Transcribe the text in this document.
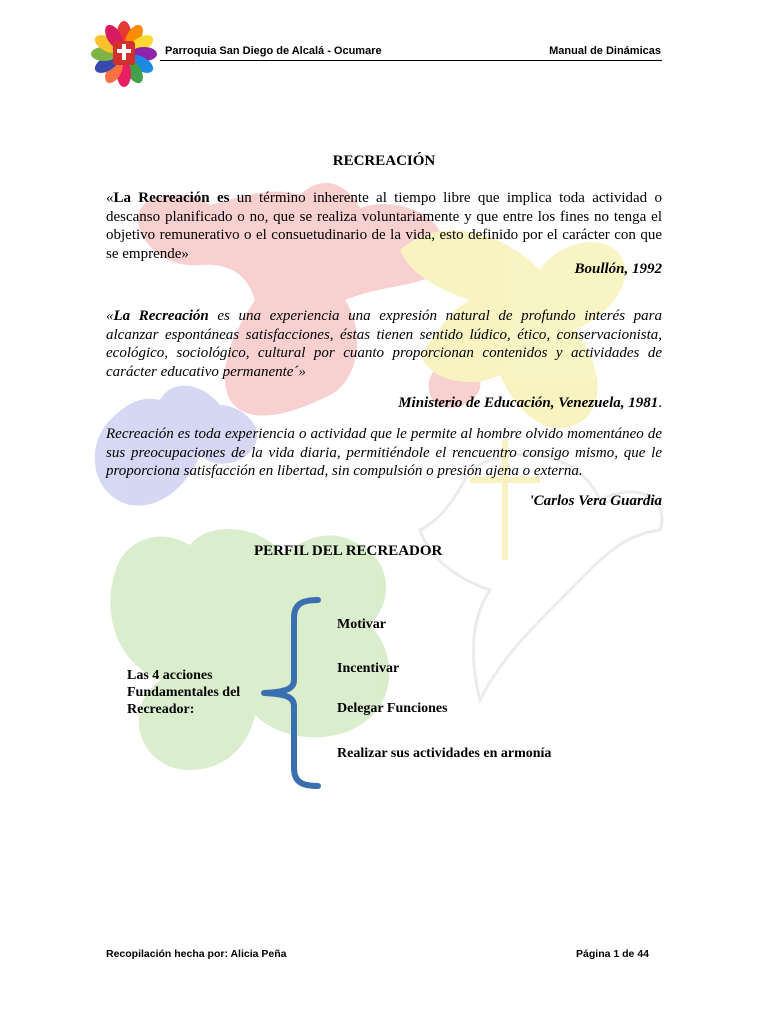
Parroquia San Diego de Alcalá - Ocumare	Manual de Dinámicas
RECREACIÓN
«La Recreación es un término inherente al tiempo libre que implica toda actividad o descanso planificado o no, que se realiza voluntariamente y que entre los fines no tenga el objetivo remunerativo o el consuetudinario de la vida, esto definido por el carácter con que se emprende»
Boullón, 1992
«La Recreación es una experiencia una expresión natural de profundo interés para alcanzar espontáneas satisfacciones, éstas tienen sentido lúdico, ético, conservacionista, ecológico, sociológico, cultural por cuanto proporcionan contenidos y actividades de carácter educativo permanente´»
Ministerio de Educación, Venezuela, 1981.
Recreación es toda experiencia o actividad que le permite al hombre olvido momentáneo de sus preocupaciones de la vida diaria, permitiéndole el rencuentro consigo mismo, que le proporciona satisfacción en libertad, sin compulsión o presión ajena o externa.
'Carlos Vera Guardia
PERFIL DEL RECREADOR
Las 4 acciones Fundamentales del Recreador:
Motivar
Incentivar
Delegar Funciones
Realizar sus actividades en armonía
Recopilación hecha por: Alicia Peña	Página 1 de 44
